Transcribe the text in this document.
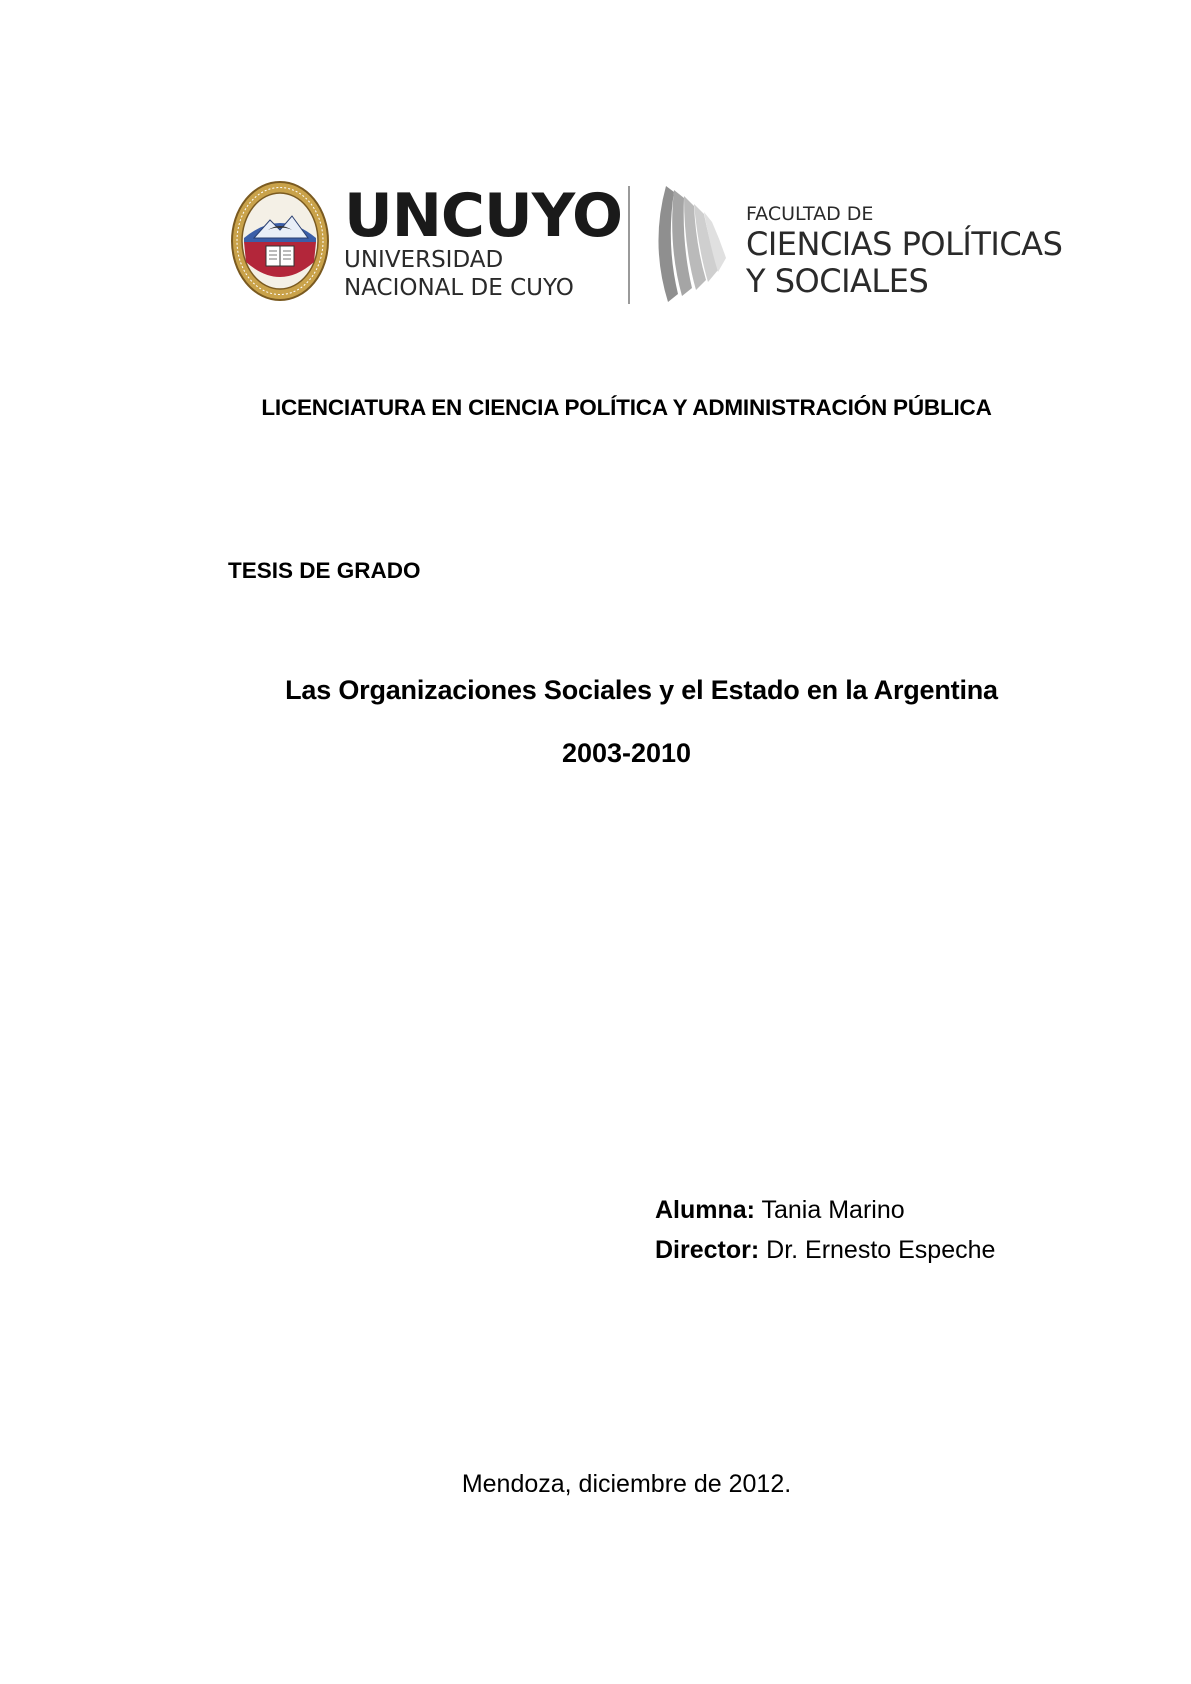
UNCUYO
UNIVERSIDAD
NACIONAL DE CUYO
FACULTAD DE
CIENCIAS POLÍTICAS
Y SOCIALES
LICENCIATURA EN CIENCIA POLÍTICA Y ADMINISTRACIÓN PÚBLICA
TESIS DE GRADO
Las Organizaciones Sociales y el Estado en la Argentina
2003-2010
Alumna: Tania Marino
Director: Dr. Ernesto Espeche
Mendoza, diciembre de 2012.
